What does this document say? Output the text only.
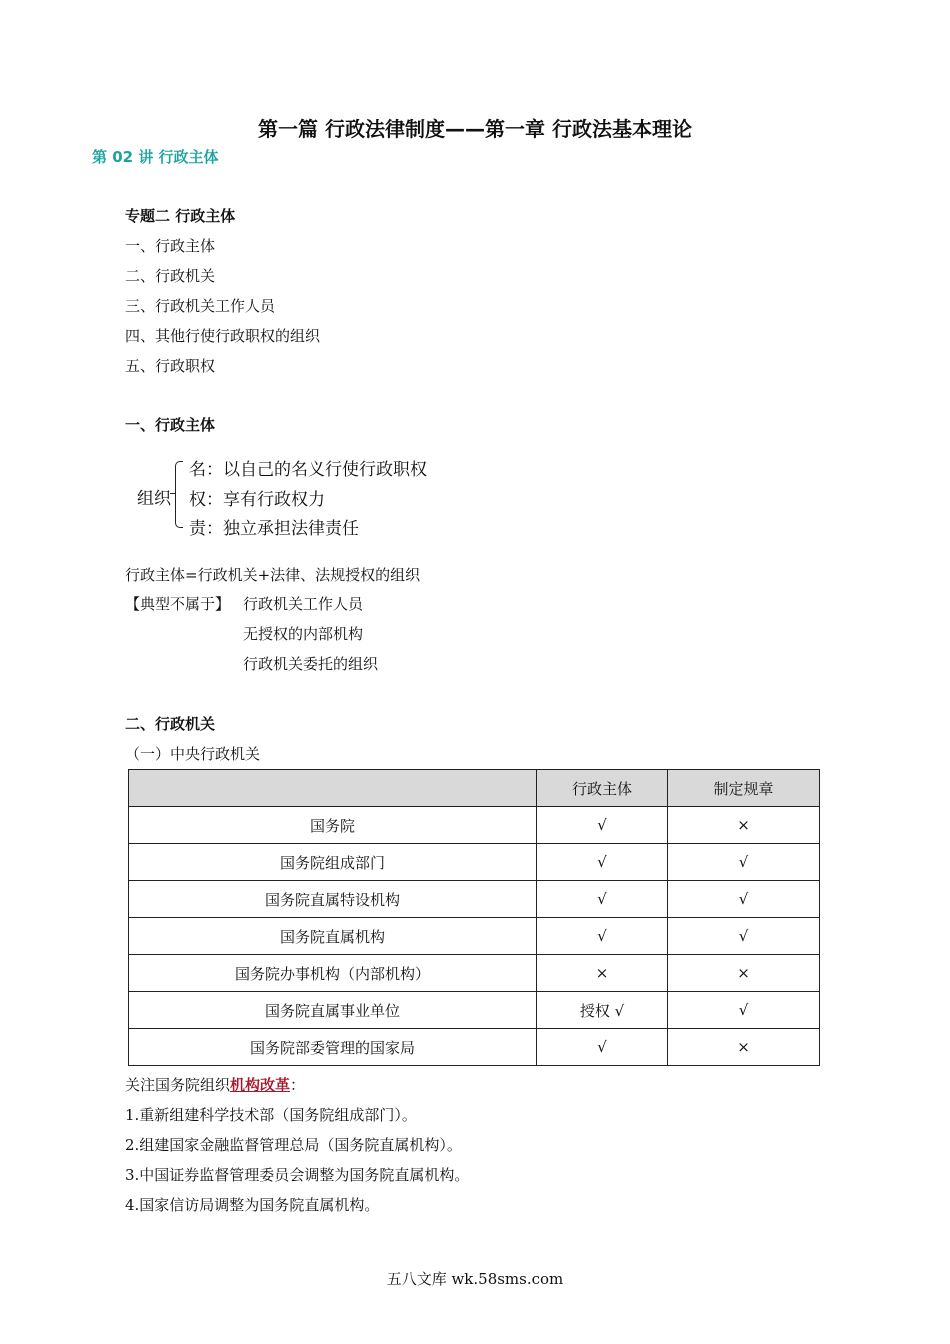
第一篇 行政法律制度——第一章 行政法基本理论
第 02 讲 行政主体
专题二 行政主体
一、行政主体
二、行政机关
三、行政机关工作人员
四、其他行使行政职权的组织
五、行政职权
一、行政主体
组织
名：以自己的名义行使行政职权
权：享有行政权力
责：独立承担法律责任
行政主体=行政机关+法律、法规授权的组织
【典型不属于】 行政机关工作人员
无授权的内部机构
行政机关委托的组织
二、行政机关
（一）中央行政机关
	行政主体	制定规章
国务院	√	×
国务院组成部门	√	√
国务院直属特设机构	√	√
国务院直属机构	√	√
国务院办事机构（内部机构）	×	×
国务院直属事业单位	授权 √	√
国务院部委管理的国家局	√	×
关注国务院组织机构改革：
1.重新组建科学技术部（国务院组成部门）。
2.组建国家金融监督管理总局（国务院直属机构）。
3.中国证券监督管理委员会调整为国务院直属机构。
4.国家信访局调整为国务院直属机构。
五八文库 wk.58sms.com
